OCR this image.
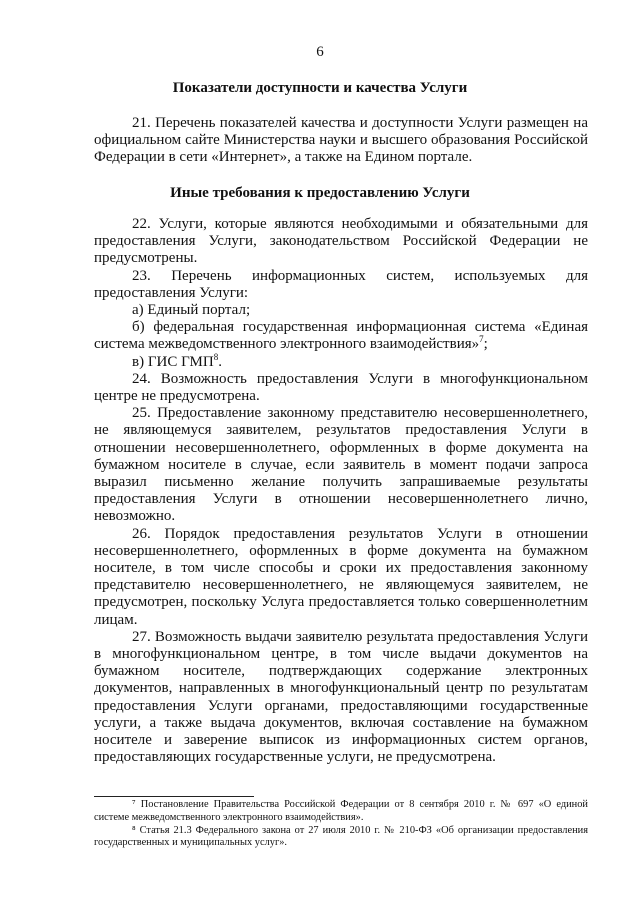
6
Показатели доступности и качества Услуги

21. Перечень показателей качества и доступности Услуги размещен на официальном сайте Министерства науки и высшего образования Российской Федерации в сети «Интернет», а также на Едином портале.

Иные требования к предоставлению Услуги

22. Услуги, которые являются необходимыми и обязательными для предоставления Услуги, законодательством Российской Федерации не предусмотрены.

23. Перечень информационных систем, используемых для предоставления Услуги:

а) Единый портал;

б) федеральная государственная информационная система «Единая система межведомственного электронного взаимодействия»$^7$;

в) ГИС ГМП$^8$.

24. Возможность предоставления Услуги в многофункциональном центре не предусмотрена.

25. Предоставление законному представителю несовершеннолетнего, не являющемуся заявителем, результатов предоставления Услуги в отношении несовершеннолетнего, оформленных в форме документа на бумажном носителе в случае, если заявитель в момент подачи запроса выразил письменно желание получить запрашиваемые результаты предоставления Услуги в отношении несовершеннолетнего лично, невозможно.

26. Порядок предоставления результатов Услуги в отношении несовершеннолетнего, оформленных в форме документа на бумажном носителе, в том числе способы и сроки их предоставления законному представителю несовершеннолетнего, не являющемуся заявителем, не предусмотрен, поскольку Услуга предоставляется только совершеннолетним лицам.

27. Возможность выдачи заявителю результата предоставления Услуги в многофункциональном центре, в том числе выдачи документов на бумажном носителе, подтверждающих содержание электронных документов, направленных в многофункциональный центр по результатам предоставления Услуги органами, предоставляющими государственные услуги, а также выдача документов, включая составление на бумажном носителе и заверение выписок из информационных систем органов, предоставляющих государственные услуги, не предусмотрена.

⁷ Постановление Правительства Российской Федерации от 8 сентября 2010 г. № 697 «О единой системе межведомственного электронного взаимодействия».

⁸ Статья 21.3 Федерального закона от 27 июля 2010 г. № 210-ФЗ «Об организации предоставления государственных и муниципальных услуг».
